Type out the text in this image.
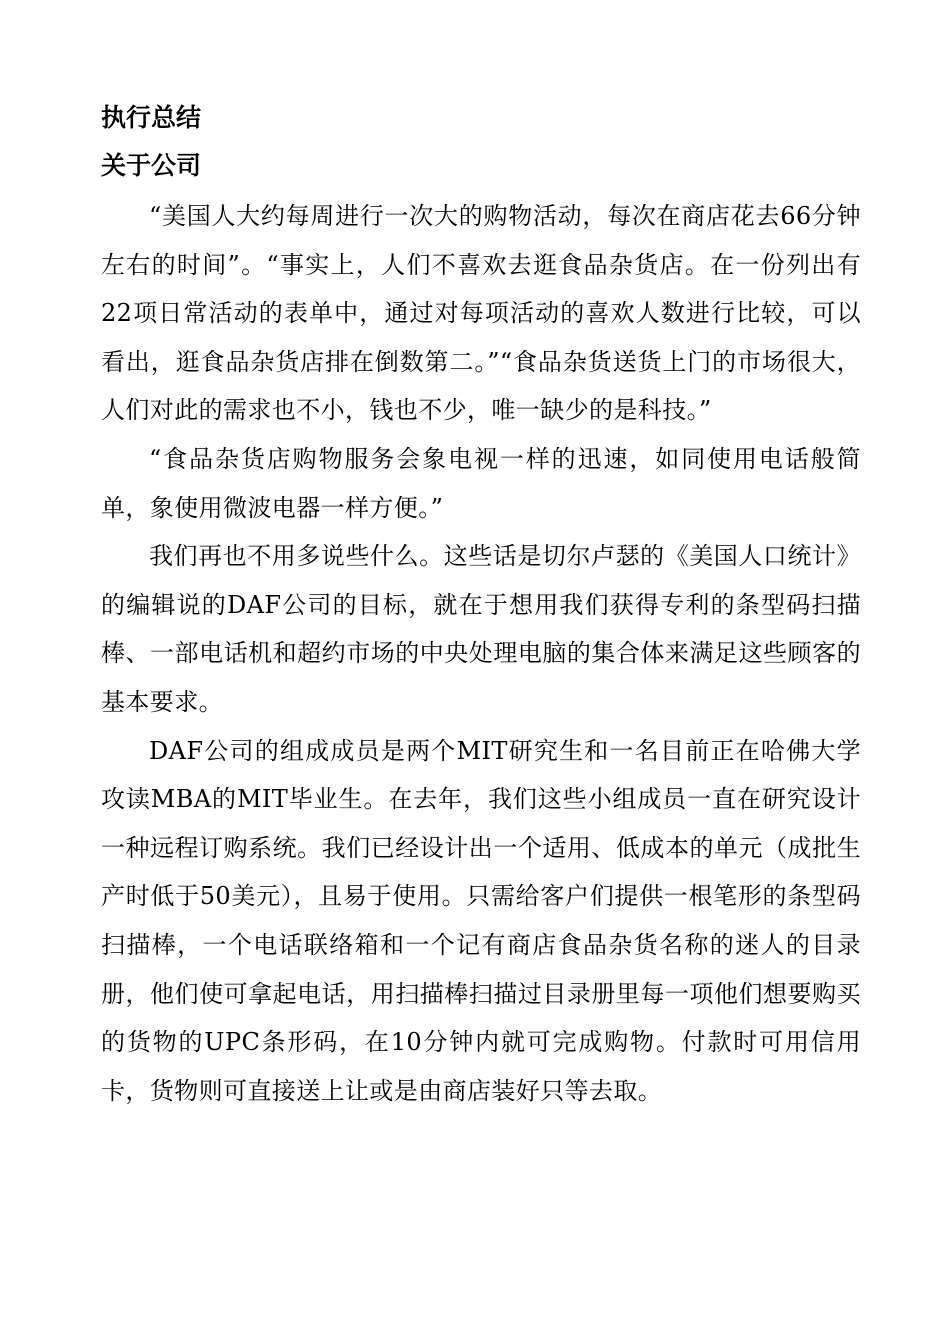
执行总结
关于公司

“美国人大约每周进行一次大的购物活动，每次在商店花去66分钟左右的时间”。“事实上，人们不喜欢去逛食品杂货店。在一份列出有22项日常活动的表单中，通过对每项活动的喜欢人数进行比较，可以看出，逛食品杂货店排在倒数第二。”“食品杂货送货上门的市场很大，人们对此的需求也不小，钱也不少，唯一缺少的是科技。”

“食品杂货店购物服务会象电视一样的迅速，如同使用电话般简单，象使用微波电器一样方便。”

我们再也不用多说些什么。这些话是切尔卢瑟的《美国人口统计》的编辑说的DAF公司的目标，就在于想用我们获得专利的条型码扫描棒、一部电话机和超约市场的中央处理电脑的集合体来满足这些顾客的基本要求。

DAF公司的组成成员是两个MIT研究生和一名目前正在哈佛大学攻读MBA的MIT毕业生。在去年，我们这些小组成员一直在研究设计一种远程订购系统。我们已经设计出一个适用、低成本的单元（成批生产时低于50美元），且易于使用。只需给客户们提供一根笔形的条型码扫描棒，一个电话联络箱和一个记有商店食品杂货名称的迷人的目录册，他们使可拿起电话，用扫描棒扫描过目录册里每一项他们想要购买的货物的UPC条形码，在10分钟内就可完成购物。付款时可用信用卡，货物则可直接送上让或是由商店装好只等去取。
